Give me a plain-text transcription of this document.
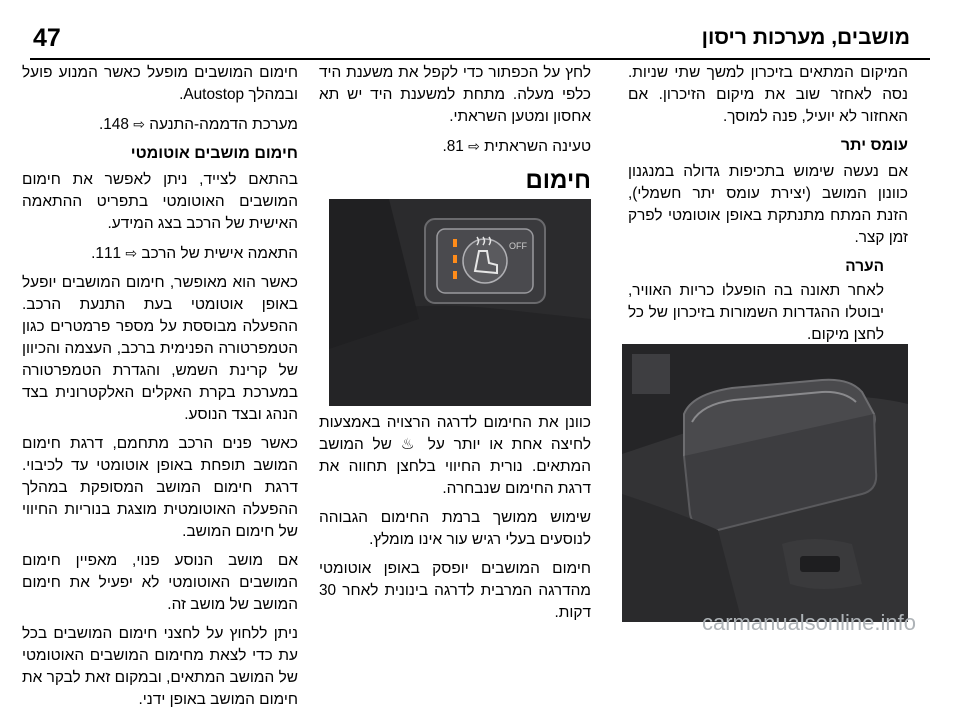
47	מושבים, מערכות ריסון

המיקום המתאים בזיכרון למשך שתי שניות. נסה לאחזר שוב את מיקום הזיכרון. אם האחזור לא יועיל, פנה למוסך.

עומס יתר

אם נעשה שימוש בתכיפות גדולה במנגנון כוונון המושב (יצירת עומס יתר חשמלי), הזנת המתח מתנתקת באופן אוטומטי לפרק זמן קצר.

הערה

לאחר תאונה בה הופעלו כריות האוויר, יבוטלו ההגדרות השמורות בזיכרון של כל לחצן מיקום.

לחץ על הכפתור כדי לקפל את משענת היד כלפי מעלה. מתחת למשענת היד יש תא אחסון ומטען השראתי.

טעינה השראתית ⇨ 81.

חימום

כוונן את החימום לדרגה הרצויה באמצעות לחיצה אחת או יותר על ♨ של המושב המתאים. נורית החיווי בלחצן תחווה את דרגת החימום שנבחרה.

שימוש ממושך ברמת החימום הגבוהה לנוסעים בעלי רגיש עור אינו מומלץ.

חימום המושבים יופסק באופן אוטומטי מהדרגה המרבית לדרגה בינונית לאחר 30 דקות.

OFF

חימום המושבים מופעל כאשר המנוע פועל ובמהלך Autostop.

מערכת הדממה-התנעה ⇨ 148.

חימום מושבים אוטומטי

בהתאם לצייד, ניתן לאפשר את חימום המושבים האוטומטי בתפריט ההתאמה האישית של הרכב בצג המידע.

התאמה אישית של הרכב ⇨ 111.

כאשר הוא מאופשר, חימום המושבים יופעל באופן אוטומטי בעת התנעת הרכב. ההפעלה מבוססת על מספר פרמטרים כגון הטמפרטורה הפנימית ברכב, העצמה והכיוון של קרינת השמש, והגדרת הטמפרטורה במערכת בקרת האקלים האלקטרונית בצד הנהג ובצד הנוסע.

כאשר פנים הרכב מתחמם, דרגת חימום המושב תופחת באופן אוטומטי עד לכיבוי. דרגת חימום המושב המסופקת במהלך ההפעלה האוטומטית מוצגת בנוריות החיווי של חימום המושב.

אם מושב הנוסע פנוי, מאפיין חימום המושבים האוטומטי לא יפעיל את חימום המושב של מושב זה.

ניתן ללחוץ על לחצני חימום המושבים בכל עת כדי לצאת מחימום המושבים האוטומטי של המושב המתאים, ובמקום זאת לבקר את חימום המושב באופן ידני.

carmanualsonline.info
